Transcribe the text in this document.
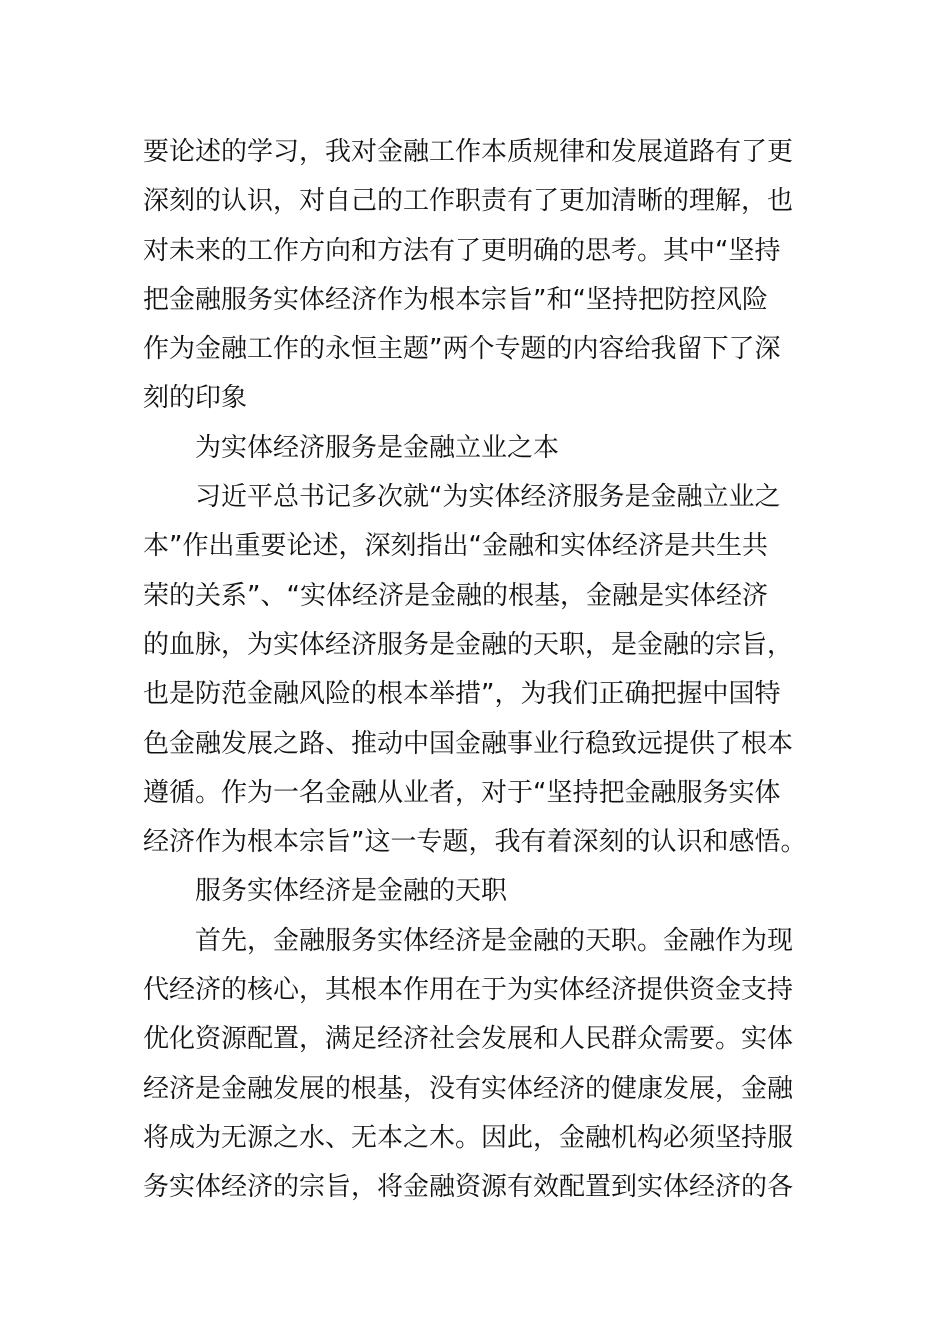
要论述的学习，我对金融工作本质规律和发展道路有了更
深刻的认识，对自己的工作职责有了更加清晰的理解，也
对未来的工作方向和方法有了更明确的思考。其中“坚持
把金融服务实体经济作为根本宗旨”和“坚持把防控风险
作为金融工作的永恒主题”两个专题的内容给我留下了深
刻的印象
为实体经济服务是金融立业之本
习近平总书记多次就“为实体经济服务是金融立业之
本”作出重要论述，深刻指出“金融和实体经济是共生共
荣的关系”、“实体经济是金融的根基，金融是实体经济
的血脉，为实体经济服务是金融的天职，是金融的宗旨，
也是防范金融风险的根本举措”，为我们正确把握中国特
色金融发展之路、推动中国金融事业行稳致远提供了根本
遵循。作为一名金融从业者，对于“坚持把金融服务实体
经济作为根本宗旨”这一专题，我有着深刻的认识和感悟。
服务实体经济是金融的天职
首先，金融服务实体经济是金融的天职。金融作为现
代经济的核心，其根本作用在于为实体经济提供资金支持
优化资源配置，满足经济社会发展和人民群众需要。实体
经济是金融发展的根基，没有实体经济的健康发展，金融
将成为无源之水、无本之木。因此，金融机构必须坚持服
务实体经济的宗旨，将金融资源有效配置到实体经济的各
